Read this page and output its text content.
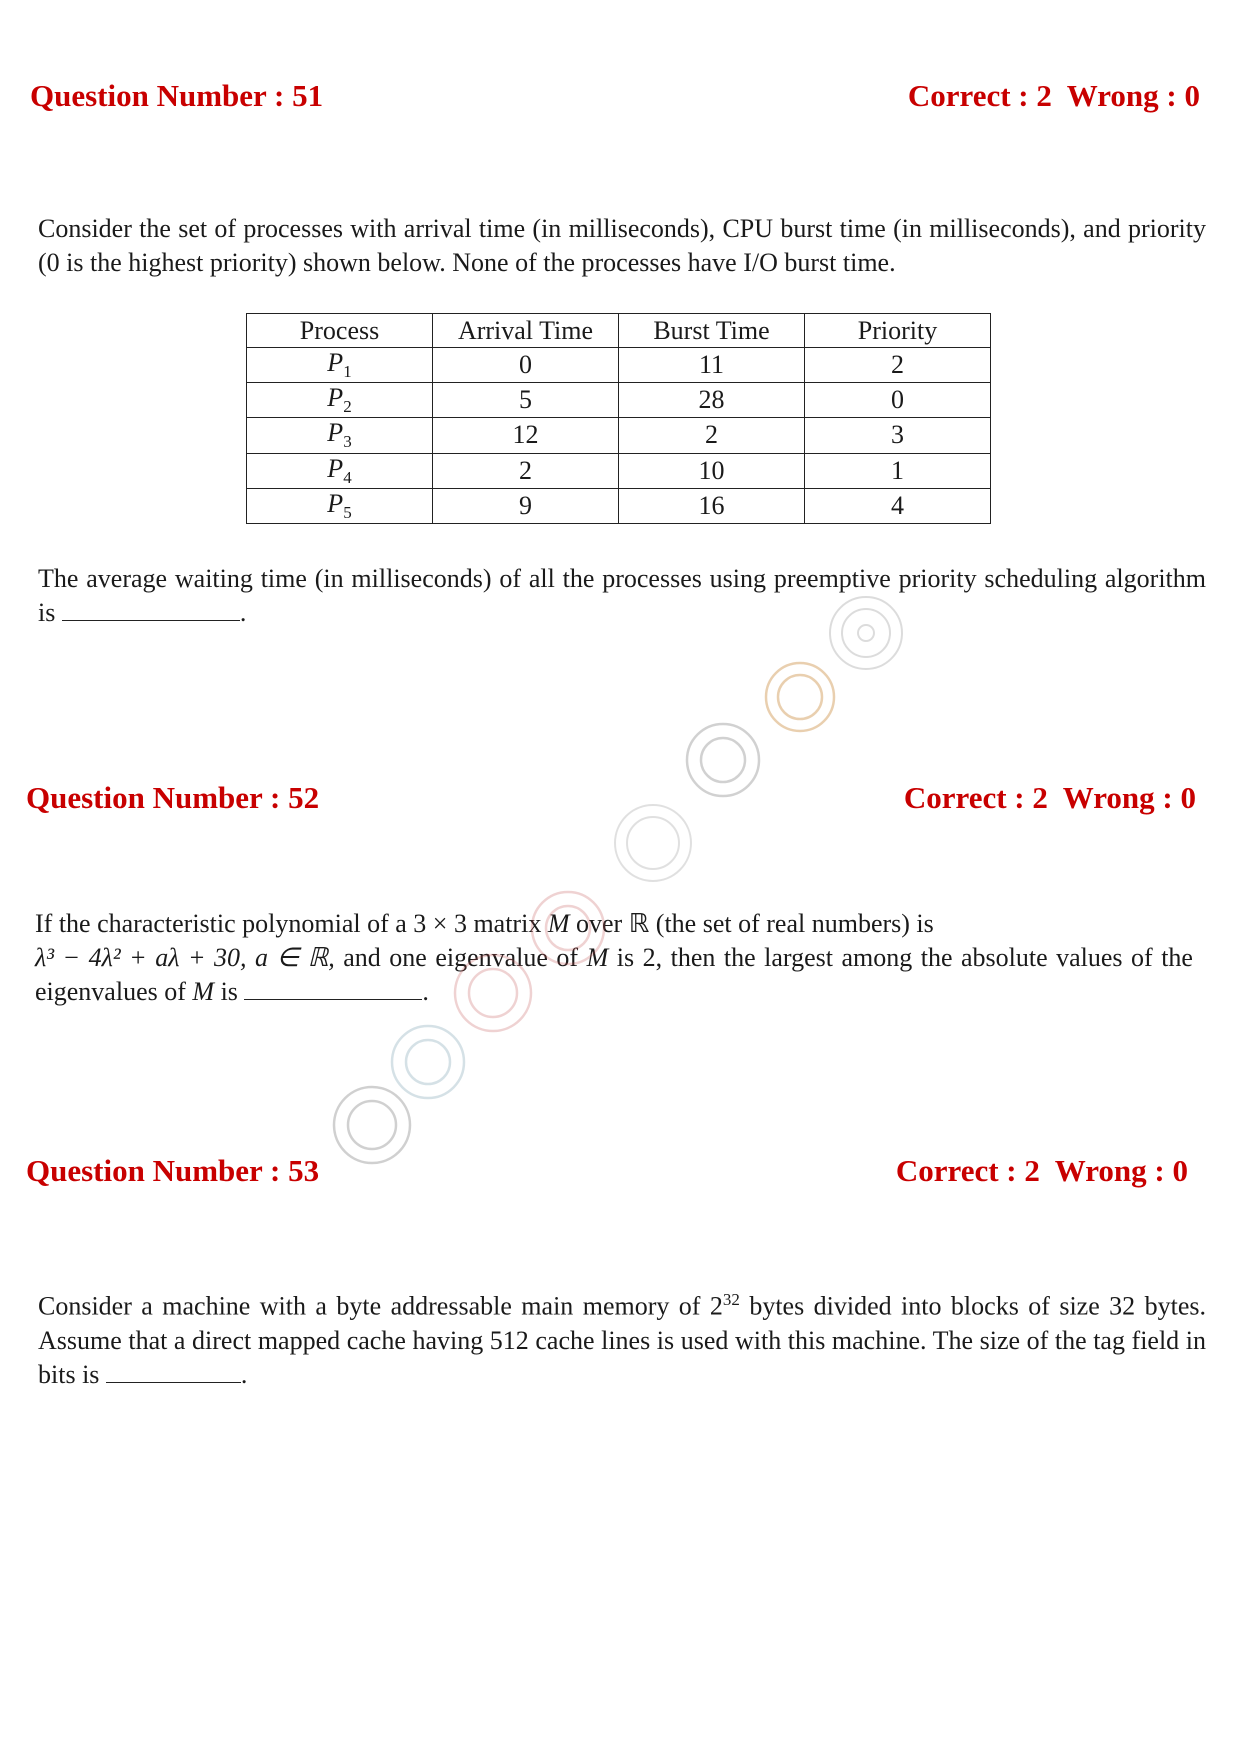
Question Number : 51	Correct : 2  Wrong : 0

Consider the set of processes with arrival time (in milliseconds), CPU burst time (in milliseconds), and priority (0 is the highest priority) shown below. None of the processes have I/O burst time.

Process	Arrival Time	Burst Time	Priority
$P_1$	0	11	2
$P_2$	5	28	0
$P_3$	12	2	3
$P_4$	2	10	1
$P_5$	9	16	4

The average waiting time (in milliseconds) of all the processes using preemptive priority scheduling algorithm is	.

Question Number : 52	Correct : 2  Wrong : 0

If the characteristic polynomial of a 3 × 3 matrix M over ℝ (the set of real numbers) is

λ³ − 4λ² + aλ + 30, a ∈ ℝ, and one eigenvalue of M is 2, then the largest among the absolute values of the eigenvalues of M is	.

Question Number : 53	Correct : 2  Wrong : 0

Consider a machine with a byte addressable main memory of $2^{32}$ bytes divided into blocks of size 32 bytes. Assume that a direct mapped cache having 512 cache lines is used with this machine. The size of the tag field in bits is	.
